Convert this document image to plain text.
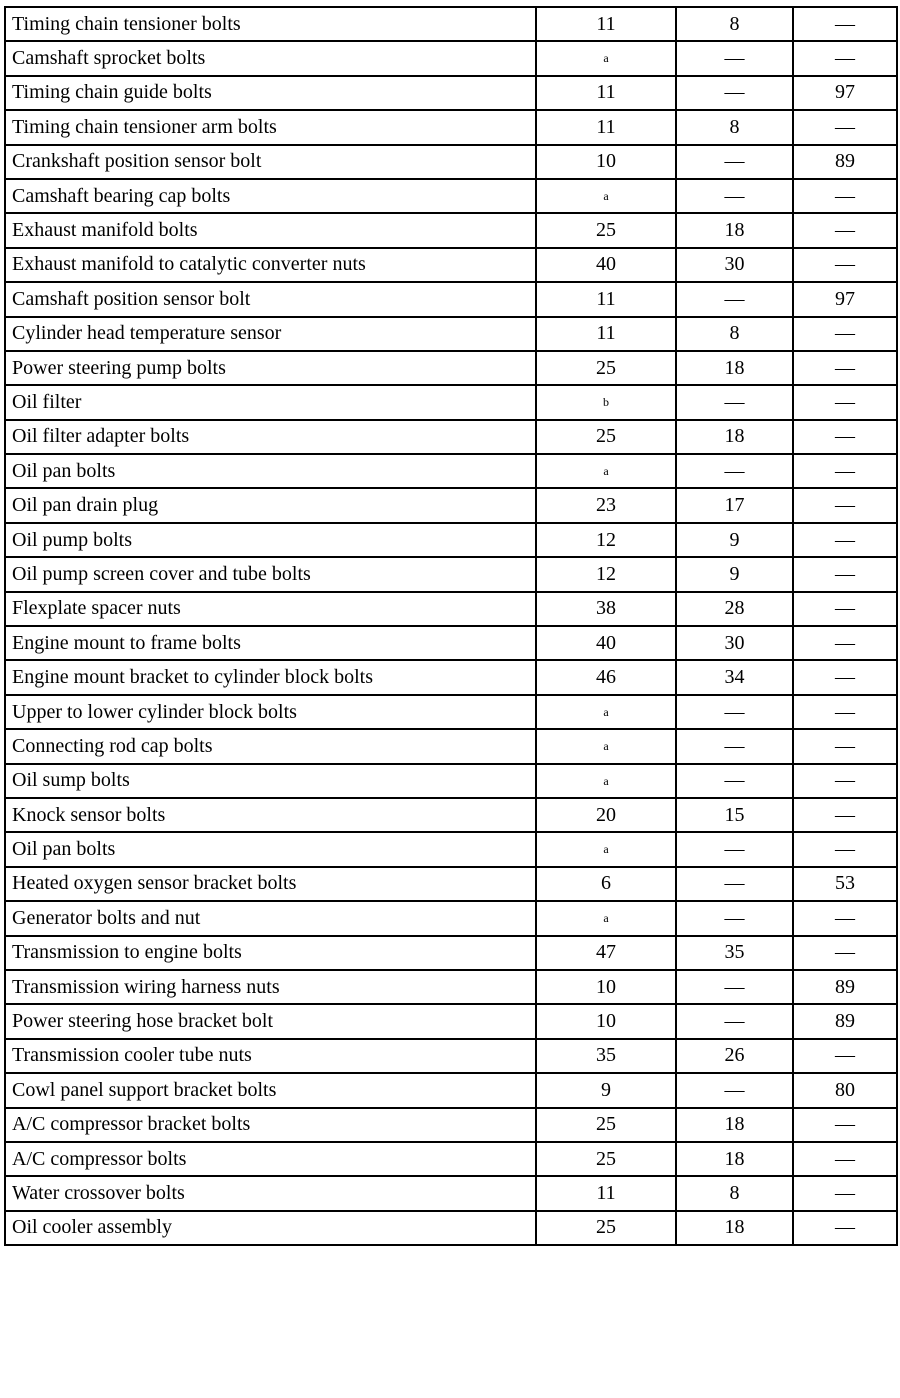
Timing chain tensioner bolts	11	8	—
Camshaft sprocket bolts	a	—	—
Timing chain guide bolts	11	—	97
Timing chain tensioner arm bolts	11	8	—
Crankshaft position sensor bolt	10	—	89
Camshaft bearing cap bolts	a	—	—
Exhaust manifold bolts	25	18	—
Exhaust manifold to catalytic converter nuts	40	30	—
Camshaft position sensor bolt	11	—	97
Cylinder head temperature sensor	11	8	—
Power steering pump bolts	25	18	—
Oil filter	b	—	—
Oil filter adapter bolts	25	18	—
Oil pan bolts	a	—	—
Oil pan drain plug	23	17	—
Oil pump bolts	12	9	—
Oil pump screen cover and tube bolts	12	9	—
Flexplate spacer nuts	38	28	—
Engine mount to frame bolts	40	30	—
Engine mount bracket to cylinder block bolts	46	34	—
Upper to lower cylinder block bolts	a	—	—
Connecting rod cap bolts	a	—	—
Oil sump bolts	a	—	—
Knock sensor bolts	20	15	—
Oil pan bolts	a	—	—
Heated oxygen sensor bracket bolts	6	—	53
Generator bolts and nut	a	—	—
Transmission to engine bolts	47	35	—
Transmission wiring harness nuts	10	—	89
Power steering hose bracket bolt	10	—	89
Transmission cooler tube nuts	35	26	—
Cowl panel support bracket bolts	9	—	80
A/C compressor bracket bolts	25	18	—
A/C compressor bolts	25	18	—
Water crossover bolts	11	8	—
Oil cooler assembly	25	18	—
